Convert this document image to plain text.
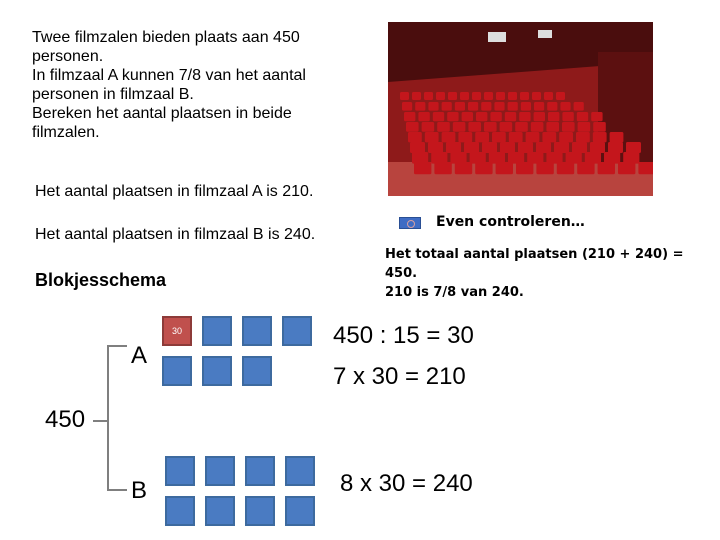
Twee filmzalen bieden plaats aan 450
personen.
In filmzaal A kunnen 7/8 van het aantal
personen in filmzaal B.
Bereken het aantal plaatsen in beide
filmzalen.
Het aantal plaatsen in filmzaal A is 210.
Het aantal plaatsen in filmzaal B is 240.
Even controleren…
Het totaal aantal plaatsen (210 + 240) = 450.
210 is 7/8 van 240.
Blokjesschema
450
A
B
30	450 : 15 = 30
7 x 30 = 210
8 x 30 = 240
